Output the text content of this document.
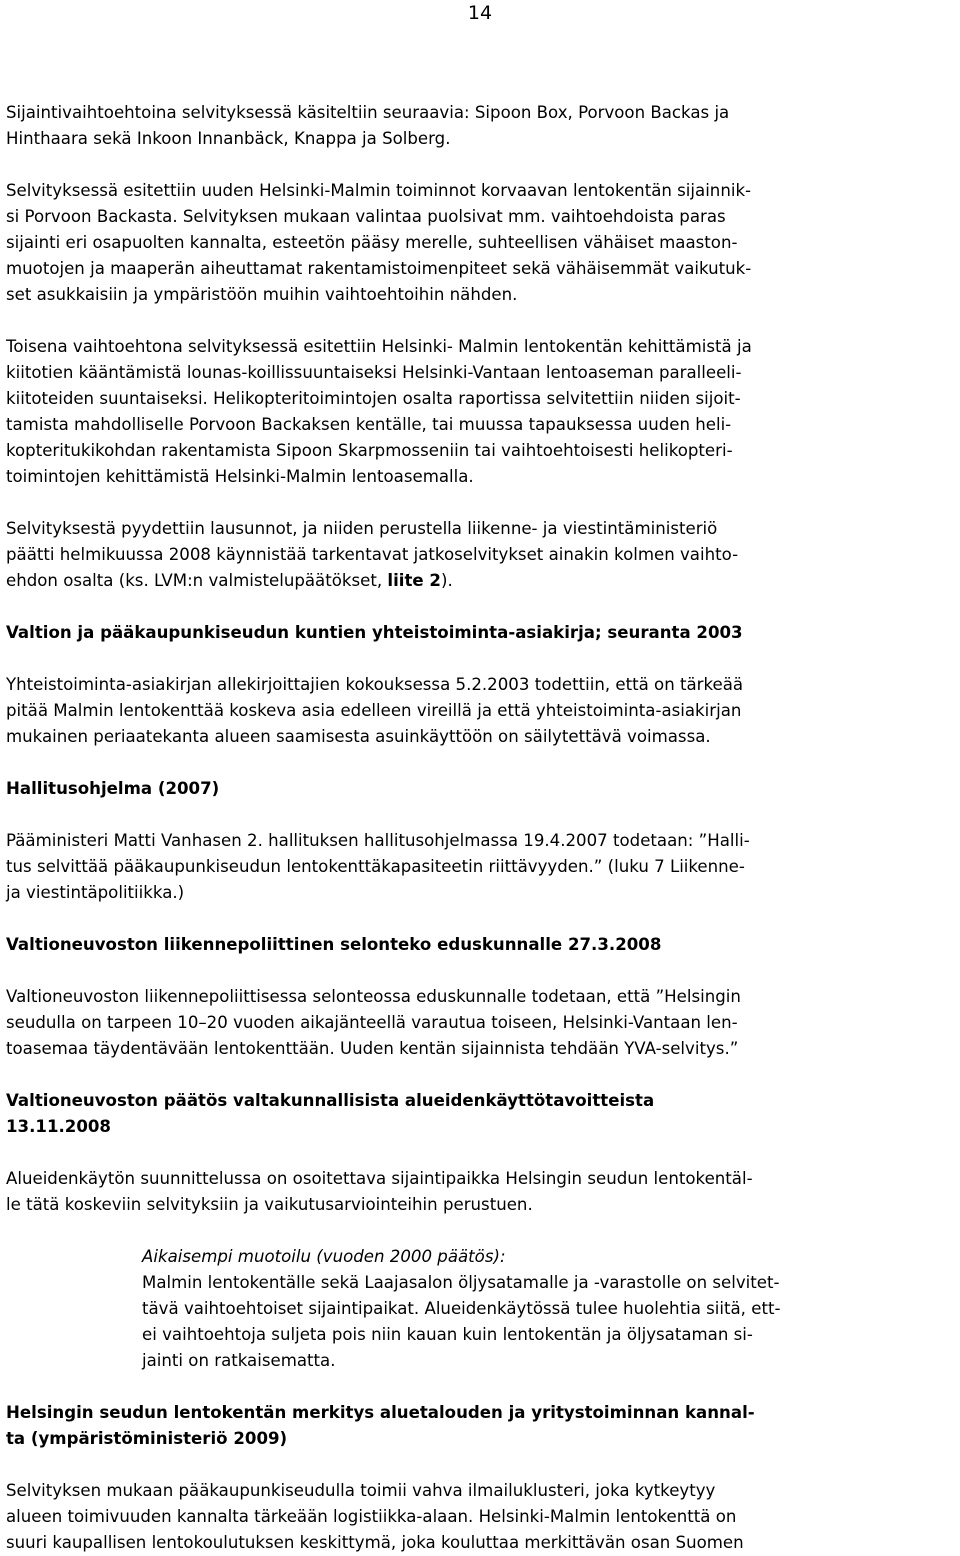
14

Sijaintivaihtoehtoina selvityksessä käsiteltiin seuraavia: Sipoon Box, Porvoon Backas ja
Hinthaara sekä Inkoon Innanbäck, Knappa ja Solberg.

Selvityksessä esitettiin uuden Helsinki-Malmin toiminnot korvaavan lentokentän sijainnik-
si Porvoon Backasta. Selvityksen mukaan valintaa puolsivat mm. vaihtoehdoista paras
sijainti eri osapuolten kannalta, esteetön pääsy merelle, suhteellisen vähäiset maaston-
muotojen ja maaperän aiheuttamat rakentamistoimenpiteet sekä vähäisemmät vaikutuk-
set asukkaisiin ja ympäristöön muihin vaihtoehtoihin nähden.

Toisena vaihtoehtona selvityksessä esitettiin Helsinki- Malmin lentokentän kehittämistä ja
kiitotien kääntämistä lounas-koillissuuntaiseksi Helsinki-Vantaan lentoaseman paralleeli-
kiitoteiden suuntaiseksi. Helikopteritoimintojen osalta raportissa selvitettiin niiden sijoit-
tamista mahdolliselle Porvoon Backaksen kentälle, tai muussa tapauksessa uuden heli-
kopteritukikohdan rakentamista Sipoon Skarpmosseniin tai vaihtoehtoisesti helikopteri-
toimintojen kehittämistä Helsinki-Malmin lentoasemalla.

Selvityksestä pyydettiin lausunnot, ja niiden perustella liikenne- ja viestintäministeriö
päätti helmikuussa 2008 käynnistää tarkentavat jatkoselvitykset ainakin kolmen vaihto-
ehdon osalta (ks. LVM:n valmistelupäätökset, liite 2).

Valtion ja pääkaupunkiseudun kuntien yhteistoiminta-asiakirja; seuranta 2003

Yhteistoiminta-asiakirjan allekirjoittajien kokouksessa 5.2.2003 todettiin, että on tärkeää
pitää Malmin lentokenttää koskeva asia edelleen vireillä ja että yhteistoiminta-asiakirjan
mukainen periaatekanta alueen saamisesta asuinkäyttöön on säilytettävä voimassa.

Hallitusohjelma (2007)

Pääministeri Matti Vanhasen 2. hallituksen hallitusohjelmassa 19.4.2007 todetaan: ”Halli-
tus selvittää pääkaupunkiseudun lentokenttäkapasiteetin riittävyyden.” (luku 7 Liikenne-
ja viestintäpolitiikka.)

Valtioneuvoston liikennepoliittinen selonteko eduskunnalle 27.3.2008

Valtioneuvoston liikennepoliittisessa selonteossa eduskunnalle todetaan, että ”Helsingin
seudulla on tarpeen 10–20 vuoden aikajänteellä varautua toiseen, Helsinki-Vantaan len-
toasemaa täydentävään lentokenttään. Uuden kentän sijainnista tehdään YVA-selvitys.”

Valtioneuvoston päätös valtakunnallisista alueidenkäyttötavoitteista
13.11.2008

Alueidenkäytön suunnittelussa on osoitettava sijaintipaikka Helsingin seudun lentokentäl-
le tätä koskeviin selvityksiin ja vaikutusarviointeihin perustuen.

Aikaisempi muotoilu (vuoden 2000 päätös):
Malmin lentokentälle sekä Laajasalon öljysatamalle ja -varastolle on selvitet-
tävä vaihtoehtoiset sijaintipaikat. Alueidenkäytössä tulee huolehtia siitä, ett-
ei vaihtoehtoja suljeta pois niin kauan kuin lentokentän ja öljysataman si-
jainti on ratkaisematta.
Helsingin seudun lentokentän merkitys aluetalouden ja yritystoiminnan kannal-
ta (ympäristöministeriö 2009)

Selvityksen mukaan pääkaupunkiseudulla toimii vahva ilmailuklusteri, joka kytkeytyy
alueen toimivuuden kannalta tärkeään logistiikka-alaan. Helsinki-Malmin lentokenttä on
suuri kaupallisen lentokoulutuksen keskittymä, joka kouluttaa merkittävän osan Suomen
